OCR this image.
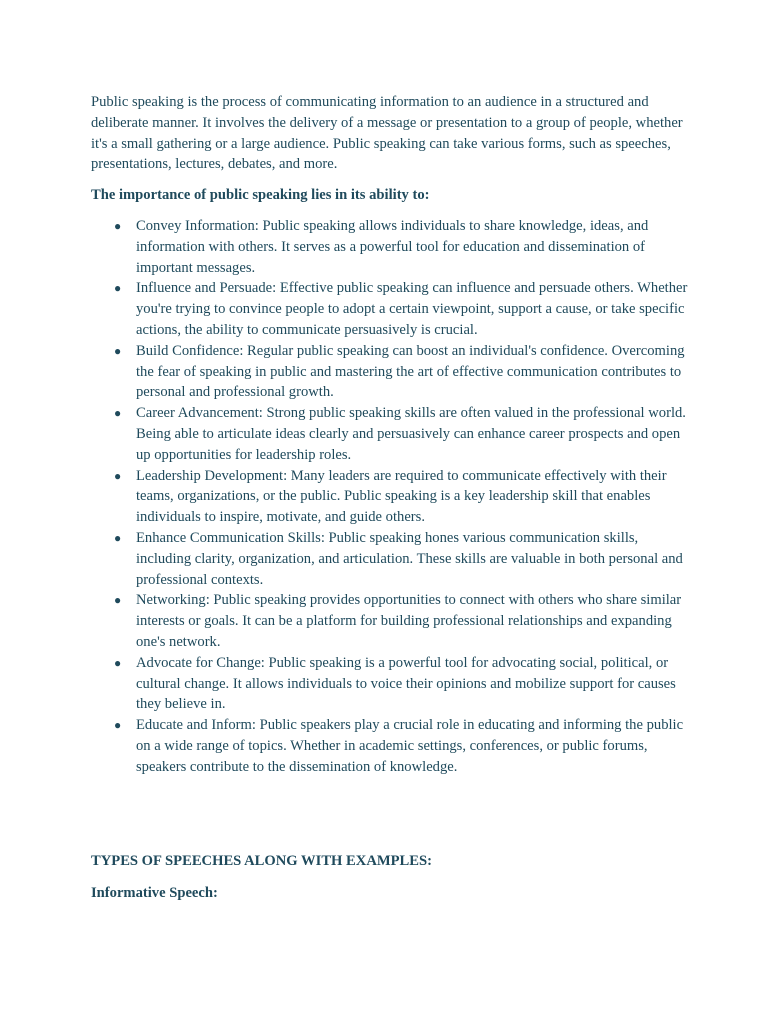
Public speaking is the process of communicating information to an audience in a structured and deliberate manner. It involves the delivery of a message or presentation to a group of people, whether it's a small gathering or a large audience. Public speaking can take various forms, such as speeches, presentations, lectures, debates, and more.

The importance of public speaking lies in its ability to:

● Convey Information: Public speaking allows individuals to share knowledge, ideas, and information with others. It serves as a powerful tool for education and dissemination of important messages.
● Influence and Persuade: Effective public speaking can influence and persuade others. Whether you're trying to convince people to adopt a certain viewpoint, support a cause, or take specific actions, the ability to communicate persuasively is crucial.
● Build Confidence: Regular public speaking can boost an individual's confidence. Overcoming the fear of speaking in public and mastering the art of effective communication contributes to personal and professional growth.
● Career Advancement: Strong public speaking skills are often valued in the professional world. Being able to articulate ideas clearly and persuasively can enhance career prospects and open up opportunities for leadership roles.
● Leadership Development: Many leaders are required to communicate effectively with their teams, organizations, or the public. Public speaking is a key leadership skill that enables individuals to inspire, motivate, and guide others.
● Enhance Communication Skills: Public speaking hones various communication skills, including clarity, organization, and articulation. These skills are valuable in both personal and professional contexts.
● Networking: Public speaking provides opportunities to connect with others who share similar interests or goals. It can be a platform for building professional relationships and expanding one's network.
● Advocate for Change: Public speaking is a powerful tool for advocating social, political, or cultural change. It allows individuals to voice their opinions and mobilize support for causes they believe in.
● Educate and Inform: Public speakers play a crucial role in educating and informing the public on a wide range of topics. Whether in academic settings, conferences, or public forums, speakers contribute to the dissemination of knowledge.

TYPES OF SPEECHES ALONG WITH EXAMPLES:

Informative Speech:
